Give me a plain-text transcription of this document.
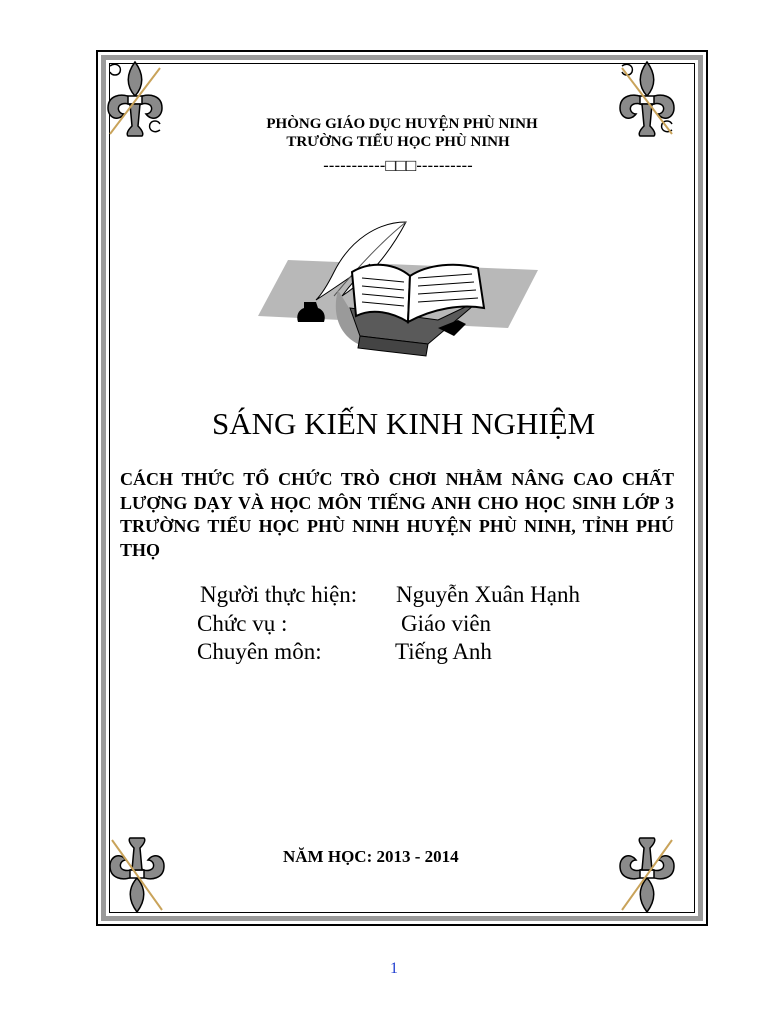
PHÒNG GIÁO DỤC HUYỆN PHÙ NINH
TRƯỜNG TIỂU HỌC PHÙ NINH
-----------□□□----------
SÁNG KIẾN KINH NGHIỆM
CÁCH THỨC TỔ CHỨC TRÒ CHƠI NHẰM NÂNG CAO CHẤT LƯỢNG DẠY VÀ HỌC MÔN TIẾNG ANH CHO HỌC SINH LỚP 3 TRƯỜNG TIỂU HỌC PHÙ NINH HUYỆN PHÙ NINH, TỈNH PHÚ THỌ
Người thực hiện: Nguyễn Xuân Hạnh
Chức vụ :	Giáo viên
Chuyên môn:	Tiếng Anh
NĂM HỌC: 2013 - 2014
1
